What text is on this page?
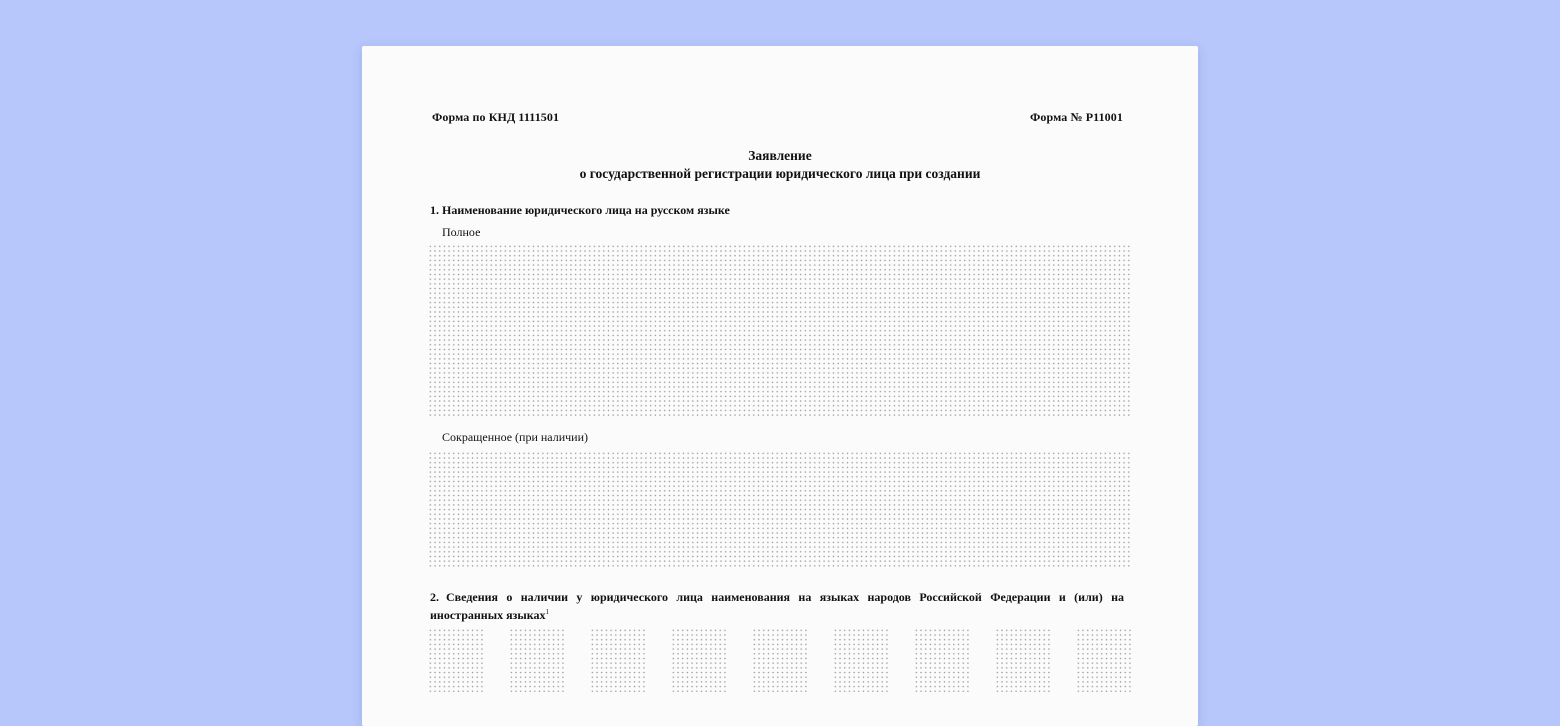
Форма по КНД 1111501	Форма № Р11001
Заявление
о государственной регистрации юридического лица при создании
1. Наименование юридического лица на русском языке
Полное
Сокращенное (при наличии)
2. Сведения о наличии у юридического лица наименования на языках народов Российской Федерации и (или) на иностранных языках$^1$
